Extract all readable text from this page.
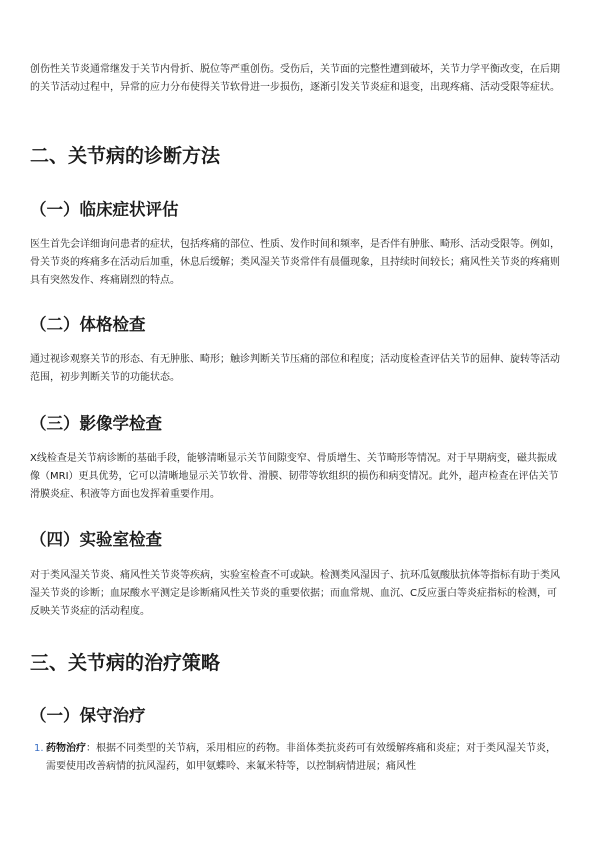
创伤性关节炎通常继发于关节内骨折、脱位等严重创伤。受伤后，关节面的完整性遭到破坏，关节力学平衡改变，在后期的关节活动过程中，异常的应力分布使得关节软骨进一步损伤，逐渐引发关节炎症和退变，出现疼痛、活动受限等症状。

二、关节病的诊断方法
（一）临床症状评估

医生首先会详细询问患者的症状，包括疼痛的部位、性质、发作时间和频率，是否伴有肿胀、畸形、活动受限等。例如，骨关节炎的疼痛多在活动后加重，休息后缓解；类风湿关节炎常伴有晨僵现象，且持续时间较长；痛风性关节炎的疼痛则具有突然发作、疼痛剧烈的特点。

（二）体格检查

通过视诊观察关节的形态、有无肿胀、畸形；触诊判断关节压痛的部位和程度；活动度检查评估关节的屈伸、旋转等活动范围，初步判断关节的功能状态。

（三）影像学检查

X线检查是关节病诊断的基础手段，能够清晰显示关节间隙变窄、骨质增生、关节畸形等情况。对于早期病变，磁共振成像（MRI）更具优势，它可以清晰地显示关节软骨、滑膜、韧带等软组织的损伤和病变情况。此外，超声检查在评估关节滑膜炎症、积液等方面也发挥着重要作用。

（四）实验室检查

对于类风湿关节炎、痛风性关节炎等疾病，实验室检查不可或缺。检测类风湿因子、抗环瓜氨酸肽抗体等指标有助于类风湿关节炎的诊断；血尿酸水平测定是诊断痛风性关节炎的重要依据；而血常规、血沉、C反应蛋白等炎症指标的检测，可反映关节炎症的活动程度。

三、关节病的治疗策略
（一）保守治疗
1. 药物治疗：根据不同类型的关节病，采用相应的药物。非甾体类抗炎药可有效缓解疼痛和炎症；对于类风湿关节炎，需要使用改善病情的抗风湿药，如甲氨蝶呤、来氟米特等，以控制病情进展；痛风性
